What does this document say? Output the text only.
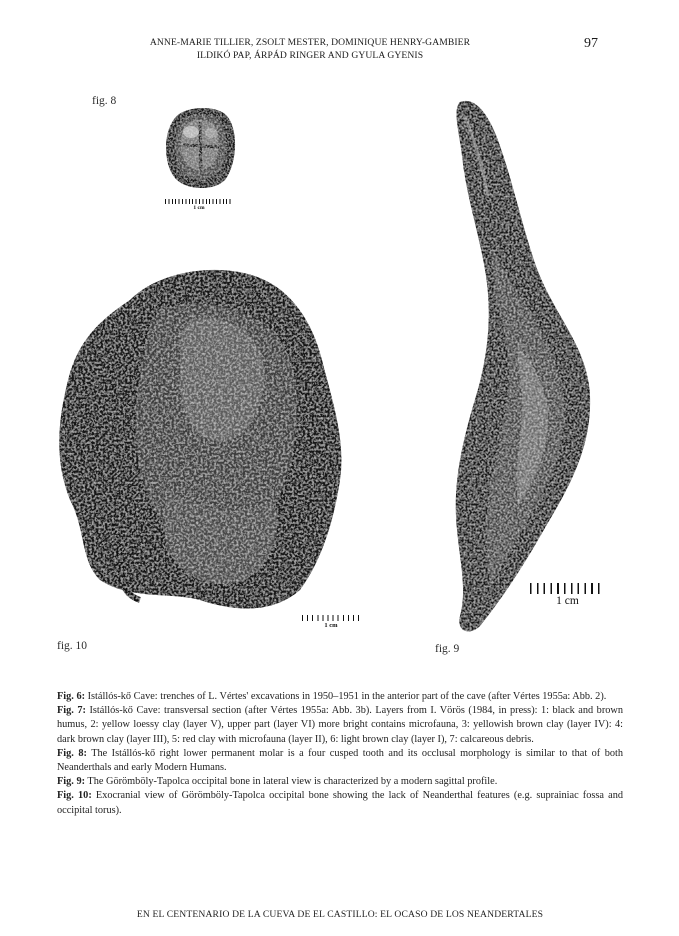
ANNE-MARIE TILLIER, ZSOLT MESTER, DOMINIQUE HENRY-GAMBIER
ILDIKÓ PAP, ÁRPÁD RINGER AND GYULA GYENIS
97
fig. 8
fig. 10	fig. 9
1 cm
1 cm
1 cm

Fig. 6: Istállós-kő Cave: trenches of L. Vértes' excavations in 1950–1951 in the anterior part of the cave (after Vértes 1955a: Abb. 2).

Fig. 7: Istállós-kő Cave: transversal section (after Vértes 1955a: Abb. 3b). Layers from I. Vörös (1984, in press): 1: black and brown humus, 2: yellow loessy clay (layer V), upper part (layer VI) more bright contains microfauna, 3: yellowish brown clay (layer IV): 4: dark brown clay (layer III), 5: red clay with microfauna (layer II), 6: light brown clay (layer I), 7: calcareous debris.

Fig. 8: The Istállós-kő right lower permanent molar is a four cusped tooth and its occlusal morphology is similar to that of both Neanderthals and early Modern Humans.

Fig. 9: The Görömböly-Tapolca occipital bone in lateral view is characterized by a modern sagittal profile.

Fig. 10: Exocranial view of Görömböly-Tapolca occipital bone showing the lack of Neanderthal features (e.g. suprainiac fossa and occipital torus).

EN EL CENTENARIO DE LA CUEVA DE EL CASTILLO: EL OCASO DE LOS NEANDERTALES
